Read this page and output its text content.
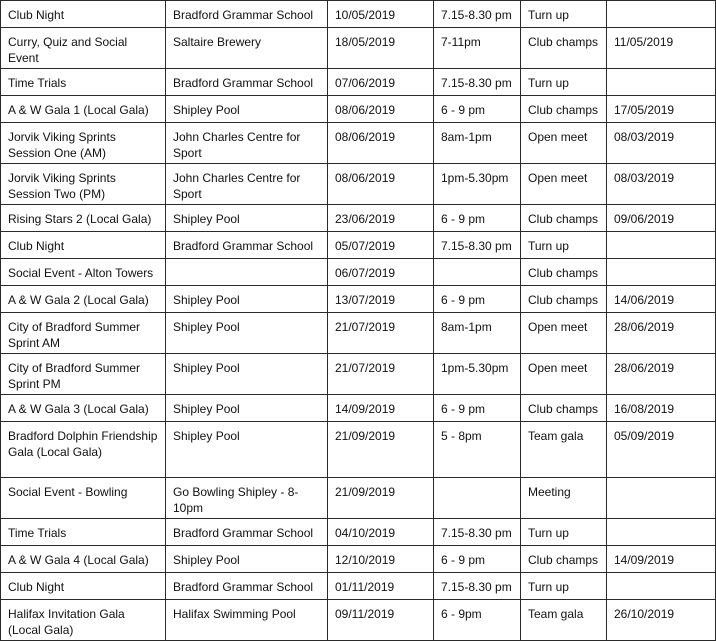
Club Night	Bradford Grammar School	10/05/2019	7.15-8.30 pm	Turn up	
Curry, Quiz and Social Event	Saltaire Brewery	18/05/2019	7-11pm	Club champs	11/05/2019
Time Trials	Bradford Grammar School	07/06/2019	7.15-8.30 pm	Turn up	
A & W Gala 1 (Local Gala)	Shipley Pool	08/06/2019	6 - 9 pm	Club champs	17/05/2019
Jorvik Viking Sprints Session One (AM)	John Charles Centre for Sport	08/06/2019	8am-1pm	Open meet	08/03/2019
Jorvik Viking Sprints Session Two (PM)	John Charles Centre for Sport	08/06/2019	1pm-5.30pm	Open meet	08/03/2019
Rising Stars 2 (Local Gala)	Shipley Pool	23/06/2019	6 - 9 pm	Club champs	09/06/2019
Club Night	Bradford Grammar School	05/07/2019	7.15-8.30 pm	Turn up	
Social Event - Alton Towers		06/07/2019		Club champs	
A & W Gala 2 (Local Gala)	Shipley Pool	13/07/2019	6 - 9 pm	Club champs	14/06/2019
City of Bradford Summer Sprint AM	Shipley Pool	21/07/2019	8am-1pm	Open meet	28/06/2019
City of Bradford Summer Sprint PM	Shipley Pool	21/07/2019	1pm-5.30pm	Open meet	28/06/2019
A & W Gala 3 (Local Gala)	Shipley Pool	14/09/2019	6 - 9 pm	Club champs	16/08/2019
Bradford Dolphin Friendship Gala (Local Gala)	Shipley Pool	21/09/2019	5 - 8pm	Team gala	05/09/2019
Social Event - Bowling	Go Bowling Shipley - 8-10pm	21/09/2019		Meeting	
Time Trials	Bradford Grammar School	04/10/2019	7.15-8.30 pm	Turn up	
A & W Gala 4 (Local Gala)	Shipley Pool	12/10/2019	6 - 9 pm	Club champs	14/09/2019
Club Night	Bradford Grammar School	01/11/2019	7.15-8.30 pm	Turn up	
Halifax Invitation Gala (Local Gala)	Halifax Swimming Pool	09/11/2019	6 - 9pm	Team gala	26/10/2019
